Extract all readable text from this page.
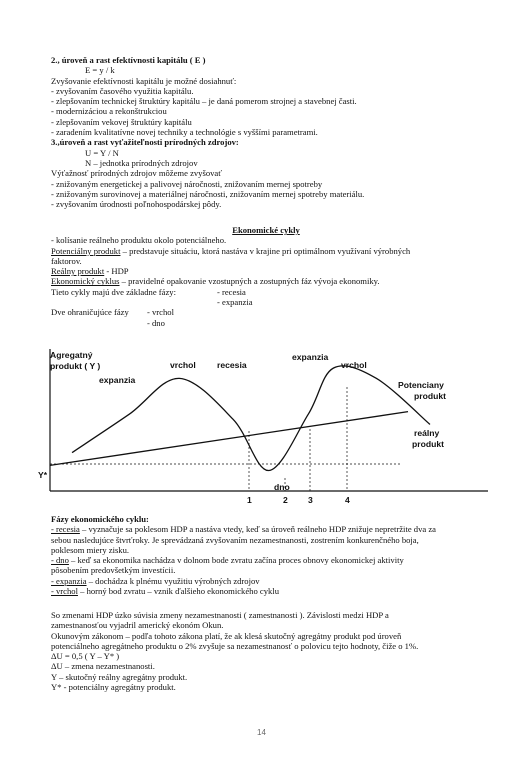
2., úroveň a rast efektívnosti kapitálu ( E )
E = y / k
Zvyšovanie efektívnosti kapitálu je možné dosiahnuť:
- zvyšovaním časového využitia kapitálu.
- zlepšovaním technickej štruktúry kapitálu – je daná pomerom strojnej a stavebnej časti.
- modernizáciou a rekonštrukciou
- zlepšovaním vekovej štruktúry kapitálu
- zaradením kvalitatívne novej techniky a technológie s vyššími parametrami.
3.,úroveň a rast vyťažiteľnosti prírodných zdrojov:
U = Y / N
N – jednotka prírodných zdrojov
Výťažnosť prírodných zdrojov môžeme zvyšovať
- znižovaným energetickej a palivovej náročnosti, znižovaním mernej spotreby
- znižovaným surovinovej a materiálnej náročnosti, znižovaním mernej spotreby materiálu.
- zvyšovaním úrodnosti poľnohospodárskej pôdy.
Ekonomické cykly
- kolísanie reálneho produktu okolo potenciálneho.
Potenciálny produkt – predstavuje situáciu, ktorá nastáva v krajine pri optimálnom využívaní výrobných
faktorov.
Reálny produkt - HDP
Ekonomický cyklus – pravidelné opakovanie vzostupných a zostupných fáz vývoja ekonomiky.
Tieto cykly majú dve základne fázy:	- recesia
- expanzia
Dve ohraničujúce fázy - vrchol
- dno
Agregatný
produkt ( Y )
Y*
expanzia
vrchol recesia
expanzia
vrchol
dno
Potenciany
produkt
reálny
produkt
1	2 3	4
Fázy ekonomického cyklu:
- recesia – vyznačuje sa poklesom HDP a nastáva vtedy, keď sa úroveň reálneho HDP znižuje nepretržite dva za
sebou nasledujúce štvrťroky. Je sprevádzaná zvyšovaním nezamestnanosti, zostrením konkurenčného boja,
poklesom miery zisku.
- dno – keď sa ekonomika nachádza v dolnom bode zvratu začína proces obnovy ekonomickej aktivity
pôsobením predovšetkým investícii.
- expanzia – dochádza k plnému využitiu výrobných zdrojov
- vrchol – horný bod zvratu – vznik ďalšieho ekonomického cyklu
So zmenami HDP úzko súvisia zmeny nezamestnanosti ( zamestnanosti ). Závislosti medzi HDP a
zamestnanosťou vyjadril americký ekonóm Okun.
Okunovým zákonom – podľa tohoto zákona platí, že ak klesá skutočný agregátny produkt pod úroveň
potenciálneho agregátneho produktu o 2% zvyšuje sa nezamestnanosť o polovicu tejto hodnoty, čiže o 1%.
ΔU = 0,5 ( Y – Y* )
ΔU – zmena nezamestnanosti.
Y – skutočný reálny agregátny produkt.
Y* - potenciálny agregátny produkt.
14
